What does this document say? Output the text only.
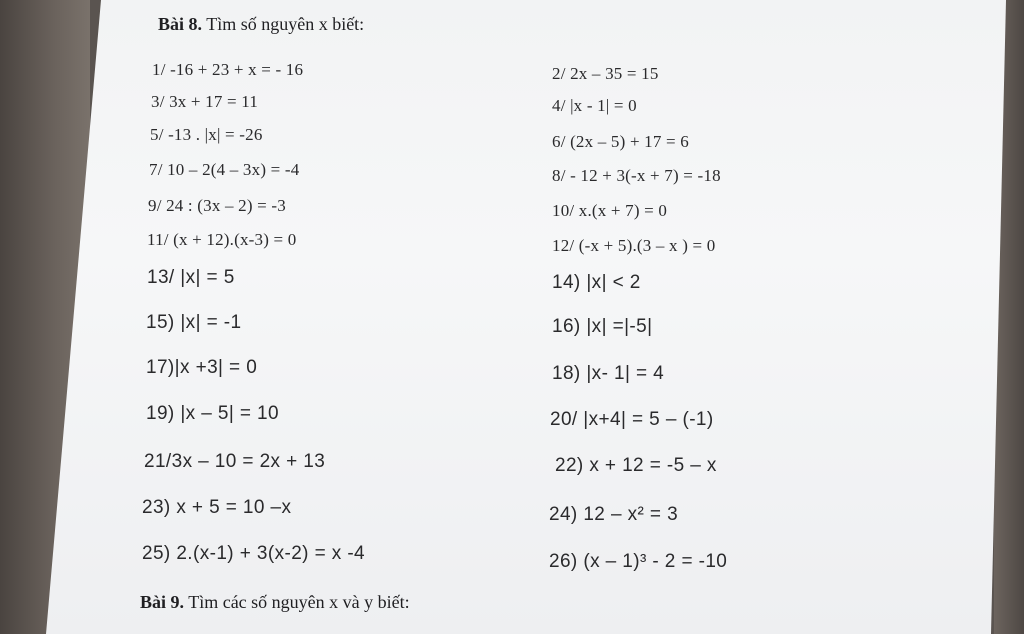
Bài 8. Tìm số nguyên x biết:
1/ -16 + 23 + x = - 16
3/ 3x + 17 = 11
5/ -13 . |x| = -26
7/ 10 – 2(4 – 3x) = -4
9/ 24 : (3x – 2) = -3
11/ (x + 12).(x-3) = 0
13/ |x| = 5
15) |x| = -1
17)|x +3| = 0
19) |x – 5| = 10
21/3x – 10 = 2x + 13
23) x + 5 = 10 –x
25) 2.(x-1) + 3(x-2) = x -4
2/ 2x – 35 = 15
4/ |x - 1| = 0
6/ (2x – 5) + 17 = 6
8/ - 12 + 3(-x + 7) = -18
10/ x.(x + 7) = 0
12/ (-x + 5).(3 – x ) = 0
14) |x| < 2
16) |x| =|-5|
18) |x- 1| = 4
20/ |x+4| = 5 – (-1)
22) x + 12 = -5 – x
24) 12 – x² = 3
26) (x – 1)³ - 2 = -10
Bài 9. Tìm các số nguyên x và y biết:
